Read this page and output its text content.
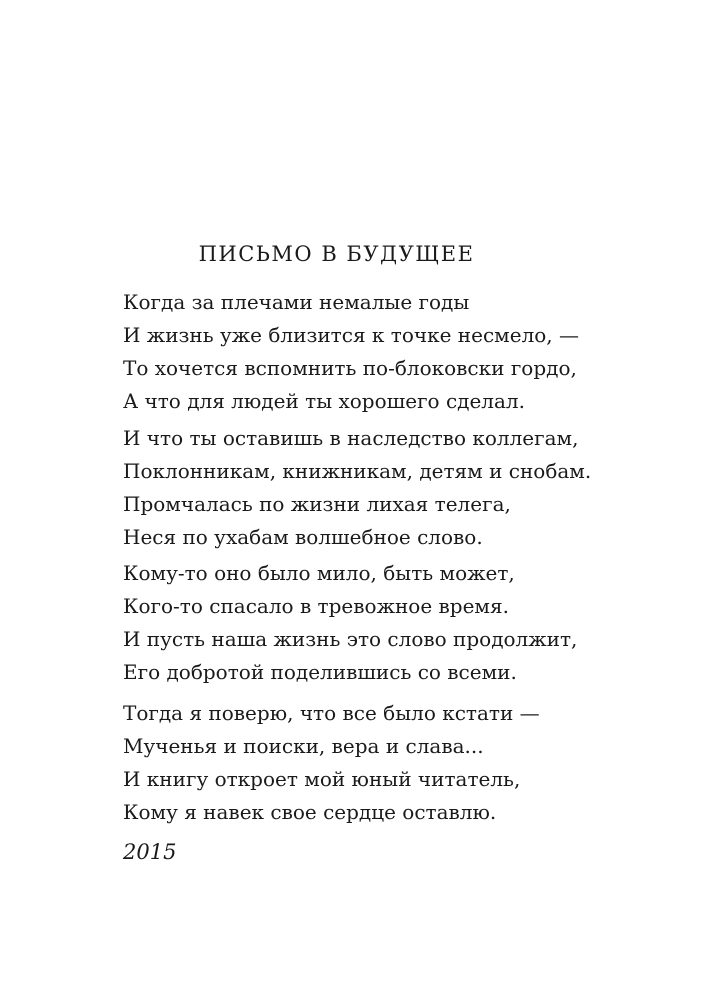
ПИСЬМО В БУДУЩЕЕ
Когда за плечами немалые годы
И жизнь уже близится к точке несмело, —
То хочется вспомнить по-блоковски гордо,
А что для людей ты хорошего сделал.
И что ты оставишь в наследство коллегам,
Поклонникам, книжникам, детям и снобам.
Промчалась по жизни лихая телега,
Неся по ухабам волшебное слово.
Кому-то оно было мило, быть может,
Кого-то спасало в тревожное время.
И пусть наша жизнь это слово продолжит,
Его добротой поделившись со всеми.
Тогда я поверю, что все было кстати —
Мученья и поиски, вера и слава...
И книгу откроет мой юный читатель,
Кому я навек свое сердце оставлю.
2015
